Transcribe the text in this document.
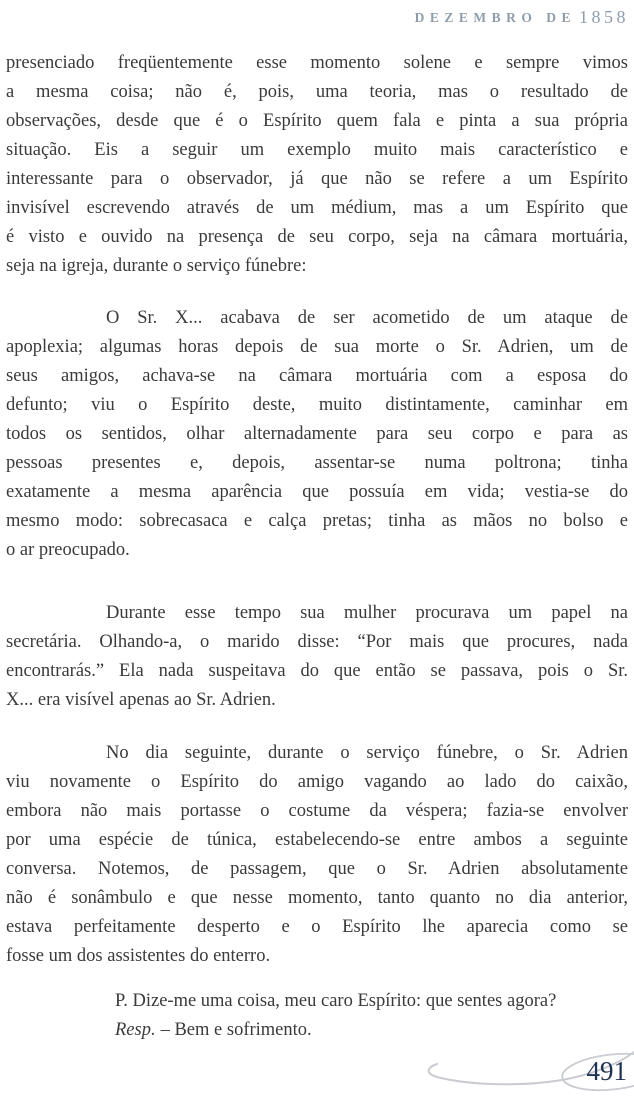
DEZEMBRO DE 1858
presenciado freqüentemente esse momento solene e sempre vimos
a mesma coisa; não é, pois, uma teoria, mas o resultado de
observações, desde que é o Espírito quem fala e pinta a sua própria
situação. Eis a seguir um exemplo muito mais característico e
interessante para o observador, já que não se refere a um Espírito
invisível escrevendo através de um médium, mas a um Espírito que
é visto e ouvido na presença de seu corpo, seja na câmara mortuária,
seja na igreja, durante o serviço fúnebre:
O Sr. X... acabava de ser acometido de um ataque de
apoplexia; algumas horas depois de sua morte o Sr. Adrien, um de
seus amigos, achava-se na câmara mortuária com a esposa do
defunto; viu o Espírito deste, muito distintamente, caminhar em
todos os sentidos, olhar alternadamente para seu corpo e para as
pessoas presentes e, depois, assentar-se numa poltrona; tinha
exatamente a mesma aparência que possuía em vida; vestia-se do
mesmo modo: sobrecasaca e calça pretas; tinha as mãos no bolso e
o ar preocupado.
Durante esse tempo sua mulher procurava um papel na
secretária. Olhando-a, o marido disse: “Por mais que procures, nada
encontrarás.” Ela nada suspeitava do que então se passava, pois o Sr.
X... era visível apenas ao Sr. Adrien.
No dia seguinte, durante o serviço fúnebre, o Sr. Adrien
viu novamente o Espírito do amigo vagando ao lado do caixão,
embora não mais portasse o costume da véspera; fazia-se envolver
por uma espécie de túnica, estabelecendo-se entre ambos a seguinte
conversa. Notemos, de passagem, que o Sr. Adrien absolutamente
não é sonâmbulo e que nesse momento, tanto quanto no dia anterior,
estava perfeitamente desperto e o Espírito lhe aparecia como se
fosse um dos assistentes do enterro.

P. Dize-me uma coisa, meu caro Espírito: que sentes agora?

Resp. – Bem e sofrimento.

491
